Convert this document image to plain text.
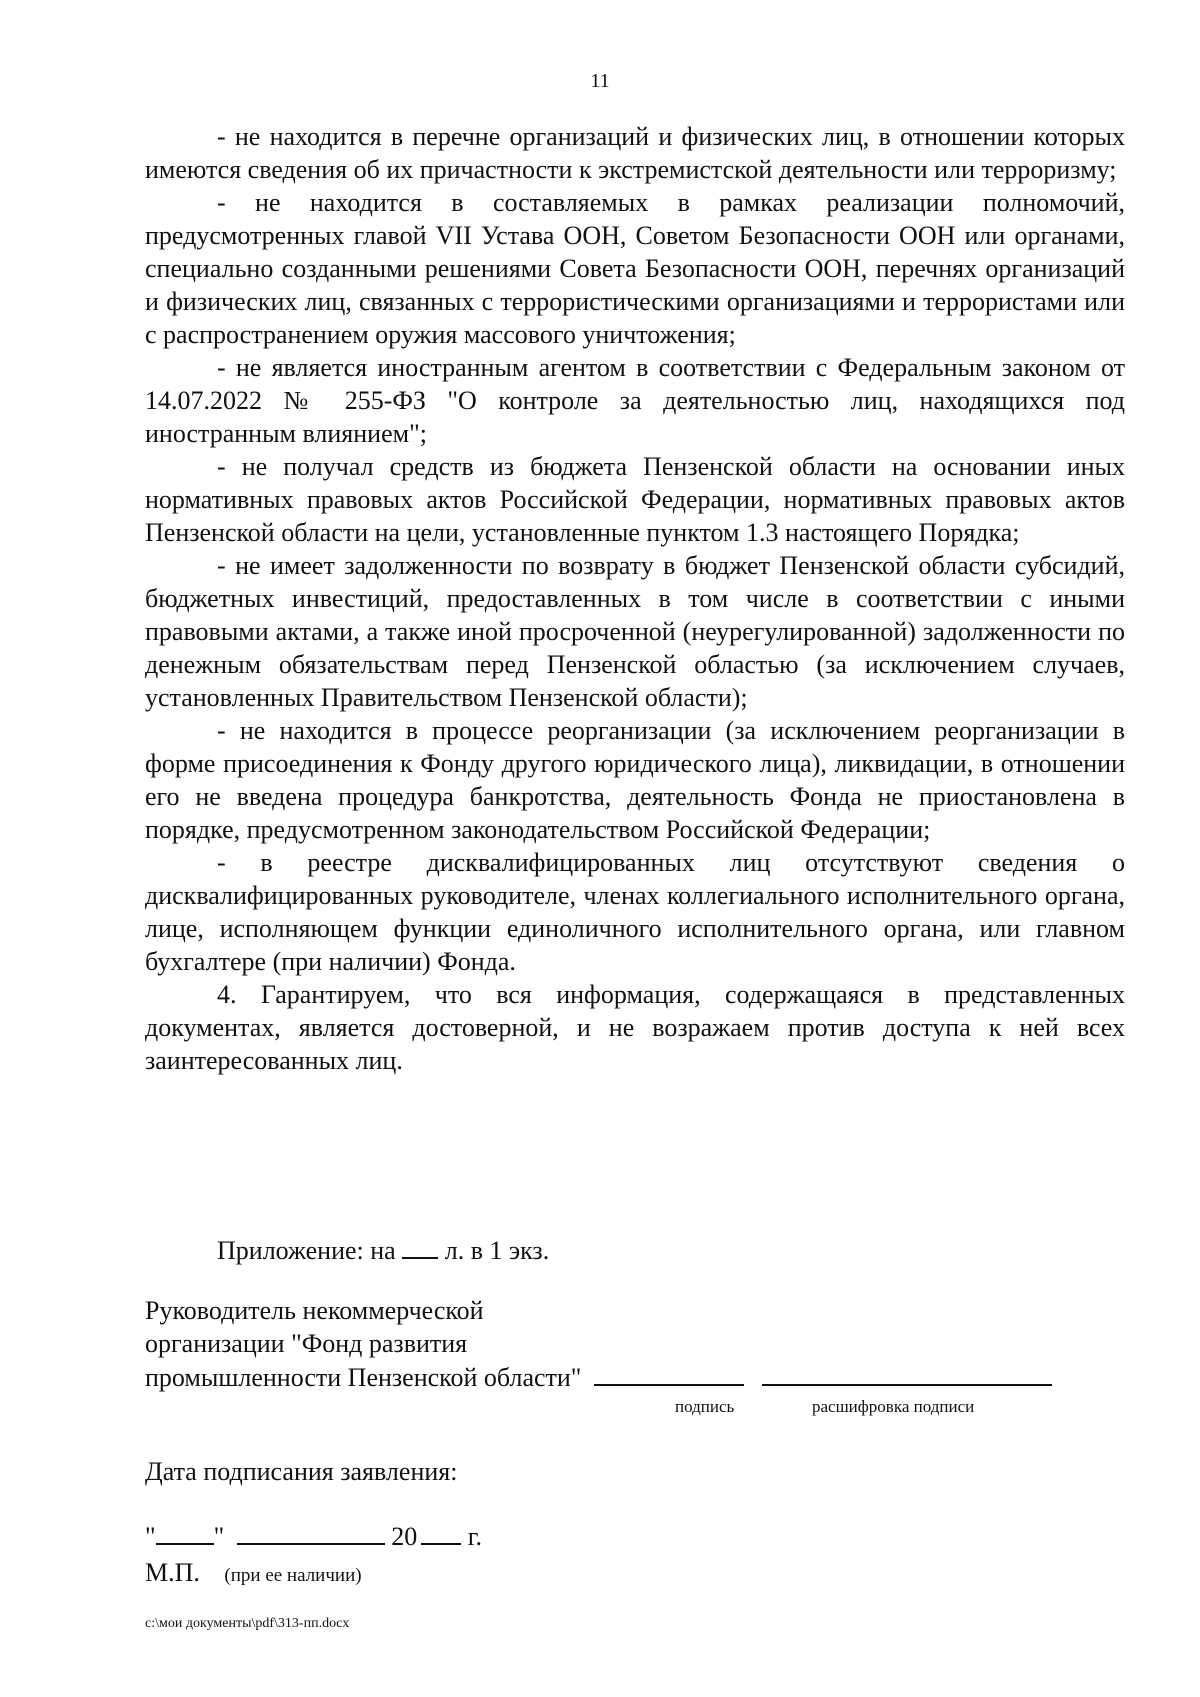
11

- не находится в перечне организаций и физических лиц, в отношении которых имеются сведения об их причастности к экстремистской деятельности или терроризму;

- не находится в составляемых в рамках реализации полномочий, предусмотренных главой VII Устава ООН, Советом Безопасности ООН или органами, специально созданными решениями Совета Безопасности ООН, перечнях организаций и физических лиц, связанных с террористическими организациями и террористами или с распространением оружия массового уничтожения;

- не является иностранным агентом в соответствии с Федеральным законом от 14.07.2022 № 255-ФЗ "О контроле за деятельностью лиц, находящихся под иностранным влиянием";

- не получал средств из бюджета Пензенской области на основании иных нормативных правовых актов Российской Федерации, нормативных правовых актов Пензенской области на цели, установленные пунктом 1.3 настоящего Порядка;

- не имеет задолженности по возврату в бюджет Пензенской области субсидий, бюджетных инвестиций, предоставленных в том числе в соответствии с иными правовыми актами, а также иной просроченной (неурегулированной) задолженности по денежным обязательствам перед Пензенской областью (за исключением случаев, установленных Правительством Пензенской области);

- не находится в процессе реорганизации (за исключением реорганизации в форме присоединения к Фонду другого юридического лица), ликвидации, в отношении его не введена процедура банкротства, деятельность Фонда не приостановлена в порядке, предусмотренном законодательством Российской Федерации;

- в реестре дисквалифицированных лиц отсутствуют сведения о дисквалифицированных руководителе, членах коллегиального исполнительного органа, лице, исполняющем функции единоличного исполнительного органа, или главном бухгалтере (при наличии) Фонда.

4. Гарантируем, что вся информация, содержащаяся в представленных документах, является достоверной, и не возражаем против доступа к ней всех заинтересованных лиц.

Приложение: на л. в 1 экз.
Руководитель некоммерческой
организации "Фонд развития
промышленности Пензенской области"
подпись	расшифровка подписи
Дата подписания заявления:
" "	20 г.
М.П. (при ее наличии)
c:\мои документы\pdf\313-пп.docx
